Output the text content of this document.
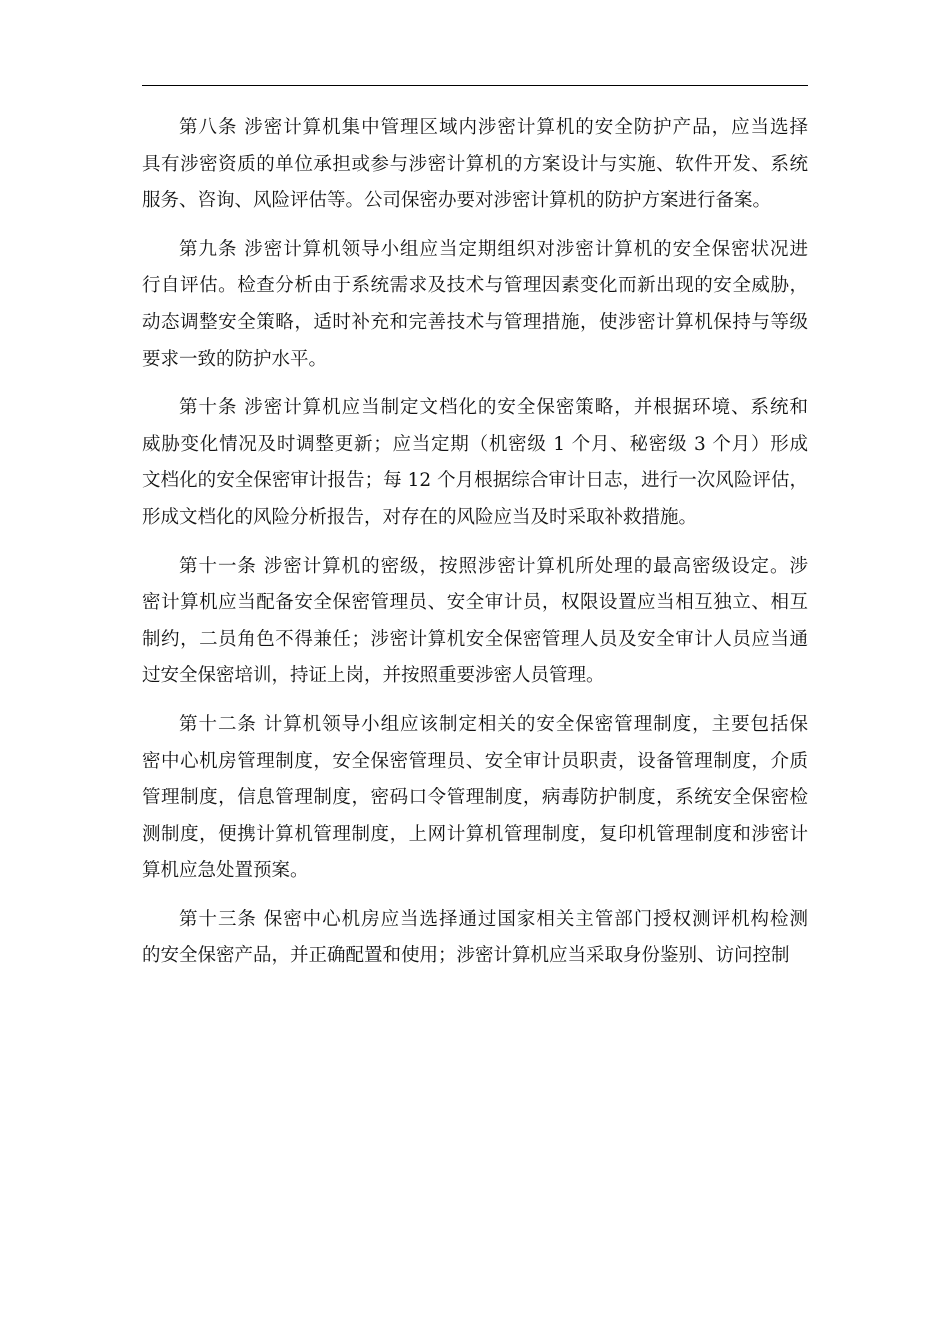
第八条 涉密计算机集中管理区域内涉密计算机的安全防护产品，应当选择
具有涉密资质的单位承担或参与涉密计算机的方案设计与实施、软件开发、系统
服务、咨询、风险评估等。公司保密办要对涉密计算机的防护方案进行备案。
第九条 涉密计算机领导小组应当定期组织对涉密计算机的安全保密状况进
行自评估。检查分析由于系统需求及技术与管理因素变化而新出现的安全威胁，
动态调整安全策略，适时补充和完善技术与管理措施，使涉密计算机保持与等级
要求一致的防护水平。
第十条 涉密计算机应当制定文档化的安全保密策略，并根据环境、系统和
威胁变化情况及时调整更新；应当定期（机密级 1 个月、秘密级 3 个月）形成
文档化的安全保密审计报告；每 12 个月根据综合审计日志，进行一次风险评估，
形成文档化的风险分析报告，对存在的风险应当及时采取补救措施。
第十一条 涉密计算机的密级，按照涉密计算机所处理的最高密级设定。涉
密计算机应当配备安全保密管理员、安全审计员，权限设置应当相互独立、相互
制约，二员角色不得兼任；涉密计算机安全保密管理人员及安全审计人员应当通
过安全保密培训，持证上岗，并按照重要涉密人员管理。
第十二条 计算机领导小组应该制定相关的安全保密管理制度，主要包括保
密中心机房管理制度，安全保密管理员、安全审计员职责，设备管理制度，介质
管理制度，信息管理制度，密码口令管理制度，病毒防护制度，系统安全保密检
测制度，便携计算机管理制度，上网计算机管理制度，复印机管理制度和涉密计
算机应急处置预案。
第十三条 保密中心机房应当选择通过国家相关主管部门授权测评机构检测
的安全保密产品，并正确配置和使用；涉密计算机应当采取身份鉴别、访问控制
